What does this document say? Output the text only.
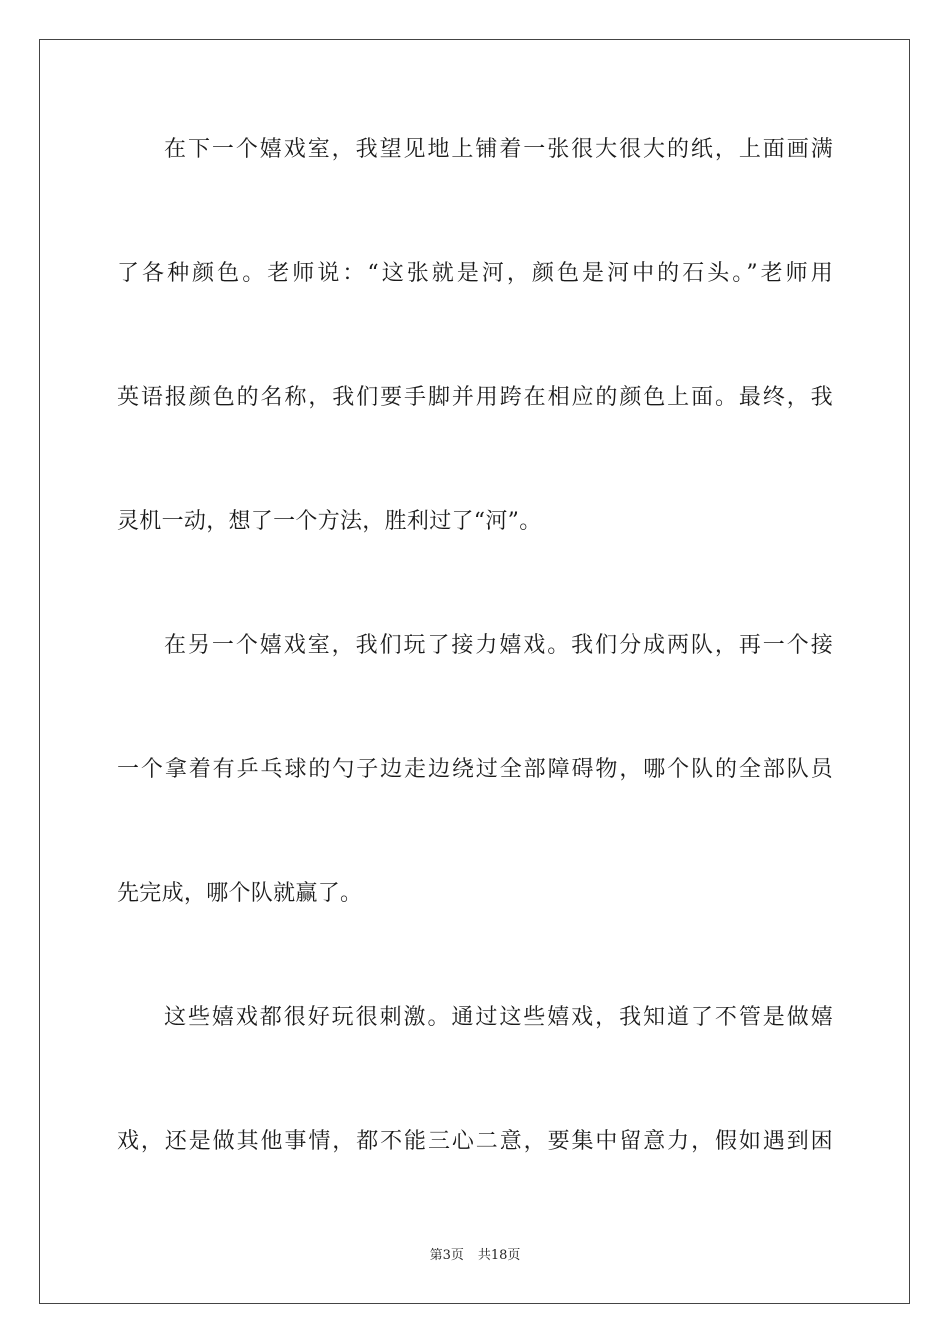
在下一个嬉戏室，我望见地上铺着一张很大很大的纸，上面画满
了各种颜色。老师说：“这张就是河，颜色是河中的石头。”老师用
英语报颜色的名称，我们要手脚并用跨在相应的颜色上面。最终，我
灵机一动，想了一个方法，胜利过了“河”。
在另一个嬉戏室，我们玩了接力嬉戏。我们分成两队，再一个接
一个拿着有乒乓球的勺子边走边绕过全部障碍物，哪个队的全部队员
先完成，哪个队就赢了。
这些嬉戏都很好玩很刺激。通过这些嬉戏，我知道了不管是做嬉
戏，还是做其他事情，都不能三心二意，要集中留意力，假如遇到困
第3页 共18页
